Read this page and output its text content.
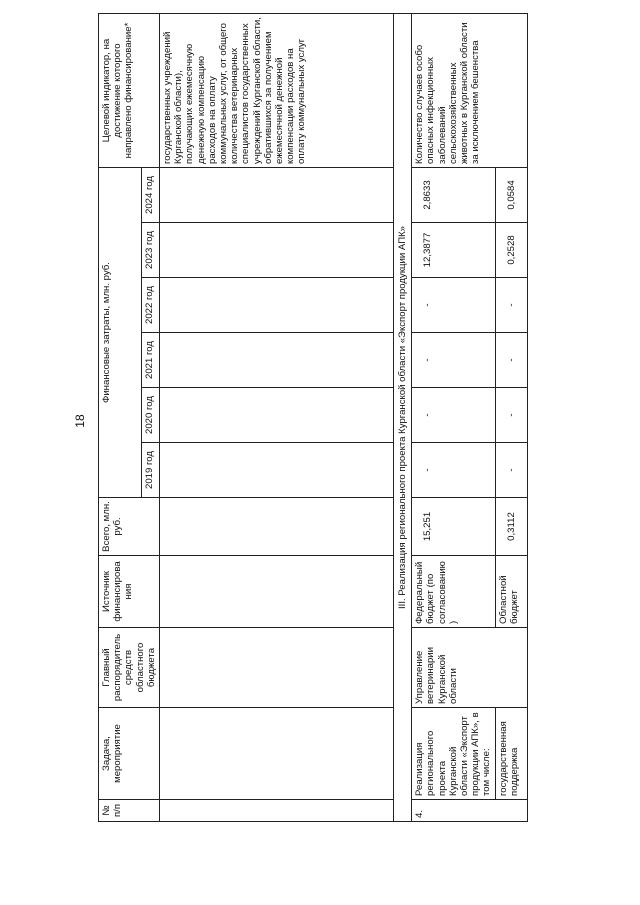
18
№ п/п	Задача, мероприятие	Главный распорядитель средств областного бюджета	Источник финансирования	Всего, млн. руб.	Финансовые затраты, млн. руб.						Целевой индикатор, на достижение которого направлено финансирование*
					2019 год	2020 год	2021 год	2022 год	2023 год	2024 год	
											государственных учреждений Курганской области), получающих ежемесячную денежную компенсацию расходов на оплату коммунальных услуг, от общего количества ветеринарных специалистов государственных учреждений Курганской области, обратившихся за получением ежемесячной денежной компенсации расходов на оплату коммунальных услуг
III. Реализация регионального проекта Курганской области «Экспорт продукции АПК»											
4.	Реализация регионального проекта Курганской области «Экспорт продукции АПК», в том числе:	Управление ветеринарии Курганской области	Федеральный бюджет (по согласованию)	15,251	-	-	-	-	12,3877	2,8633	Количество случаев особо опасных инфекционных заболеваний сельскохозяйственных животных в Курганской области за исключением бешенства
	государственная поддержка		Областной бюджет	0,3112	-	-	-	-	0,2528	0,0584	
